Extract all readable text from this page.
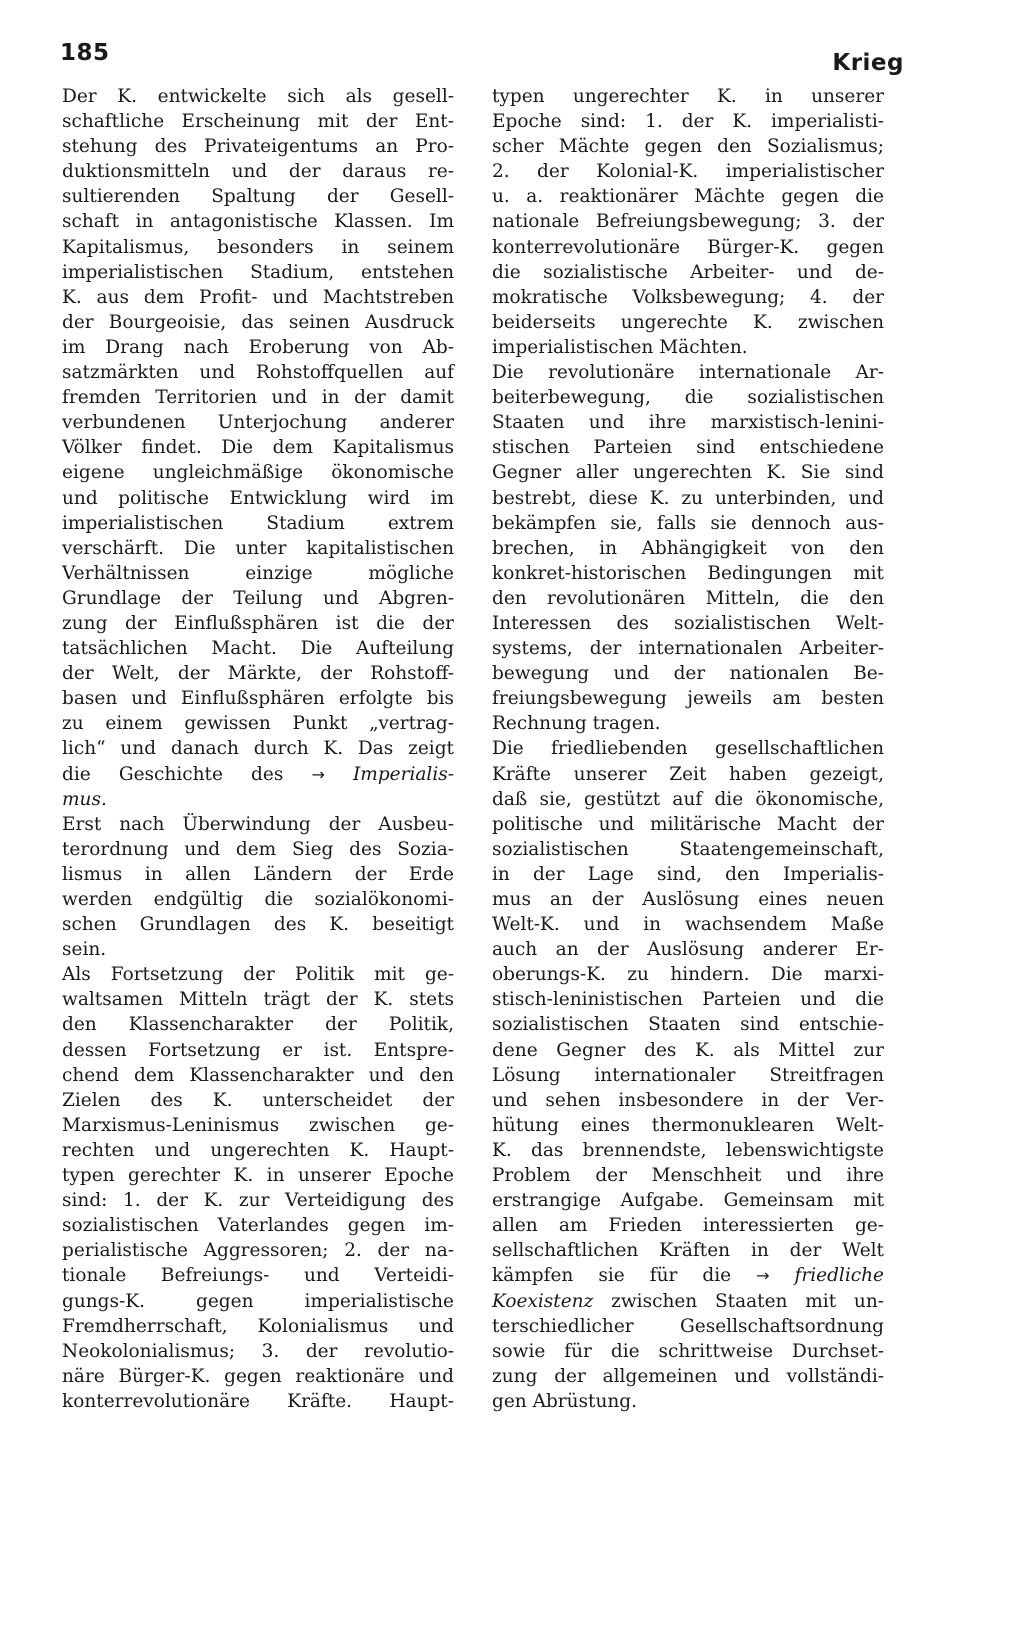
185	Krieg
Der K. entwickelte sich als gesell-
schaftliche Erscheinung mit der Ent-
stehung des Privateigentums an Pro-
duktionsmitteln und der daraus re-
sultierenden Spaltung der Gesell-
schaft in antagonistische Klassen. Im
Kapitalismus, besonders in seinem
imperialistischen Stadium, entstehen
K. aus dem Profit- und Machtstreben
der Bourgeoisie, das seinen Ausdruck
im Drang nach Eroberung von Ab-
satzmärkten und Rohstoffquellen auf
fremden Territorien und in der damit
verbundenen Unterjochung anderer
Völker findet. Die dem Kapitalismus
eigene ungleichmäßige ökonomische
und politische Entwicklung wird im
imperialistischen Stadium extrem
verschärft. Die unter kapitalistischen
Verhältnissen einzige mögliche
Grundlage der Teilung und Abgren-
zung der Einflußsphären ist die der
tatsächlichen Macht. Die Aufteilung
der Welt, der Märkte, der Rohstoff-
basen und Einflußsphären erfolgte bis
zu einem gewissen Punkt „vertrag-
lich“ und danach durch K. Das zeigt
die Geschichte des → Imperialis-
mus.
Erst nach Überwindung der Ausbeu-
terordnung und dem Sieg des Sozia-
lismus in allen Ländern der Erde
werden endgültig die sozialökonomi-
schen Grundlagen des K. beseitigt
sein.
Als Fortsetzung der Politik mit ge-
waltsamen Mitteln trägt der K. stets
den Klassencharakter der Politik,
dessen Fortsetzung er ist. Entspre-
chend dem Klassencharakter und den
Zielen des K. unterscheidet der
Marxismus-Leninismus zwischen ge-
rechten und ungerechten K. Haupt-
typen gerechter K. in unserer Epoche
sind: 1. der K. zur Verteidigung des
sozialistischen Vaterlandes gegen im-
perialistische Aggressoren; 2. der na-
tionale Befreiungs- und Verteidi-
gungs-K. gegen imperialistische
Fremdherrschaft, Kolonialismus und
Neokolonialismus; 3. der revolutio-
näre Bürger-K. gegen reaktionäre und
konterrevolutionäre Kräfte. Haupt-
typen ungerechter K. in unserer
Epoche sind: 1. der K. imperialisti-
scher Mächte gegen den Sozialismus;
2. der Kolonial-K. imperialistischer
u. a. reaktionärer Mächte gegen die
nationale Befreiungsbewegung; 3. der
konterrevolutionäre Bürger-K. gegen
die sozialistische Arbeiter- und de-
mokratische Volksbewegung; 4. der
beiderseits ungerechte K. zwischen
imperialistischen Mächten.
Die revolutionäre internationale Ar-
beiterbewegung, die sozialistischen
Staaten und ihre marxistisch-lenini-
stischen Parteien sind entschiedene
Gegner aller ungerechten K. Sie sind
bestrebt, diese K. zu unterbinden, und
bekämpfen sie, falls sie dennoch aus-
brechen, in Abhängigkeit von den
konkret-historischen Bedingungen mit
den revolutionären Mitteln, die den
Interessen des sozialistischen Welt-
systems, der internationalen Arbeiter-
bewegung und der nationalen Be-
freiungsbewegung jeweils am besten
Rechnung tragen.
Die friedliebenden gesellschaftlichen
Kräfte unserer Zeit haben gezeigt,
daß sie, gestützt auf die ökonomische,
politische und militärische Macht der
sozialistischen Staatengemeinschaft,
in der Lage sind, den Imperialis-
mus an der Auslösung eines neuen
Welt-K. und in wachsendem Maße
auch an der Auslösung anderer Er-
oberungs-K. zu hindern. Die marxi-
stisch-leninistischen Parteien und die
sozialistischen Staaten sind entschie-
dene Gegner des K. als Mittel zur
Lösung internationaler Streitfragen
und sehen insbesondere in der Ver-
hütung eines thermonuklearen Welt-
K. das brennendste, lebenswichtigste
Problem der Menschheit und ihre
erstrangige Aufgabe. Gemeinsam mit
allen am Frieden interessierten ge-
sellschaftlichen Kräften in der Welt
kämpfen sie für die → friedliche
Koexistenz zwischen Staaten mit un-
terschiedlicher Gesellschaftsordnung
sowie für die schrittweise Durchset-
zung der allgemeinen und vollständi-
gen Abrüstung.
